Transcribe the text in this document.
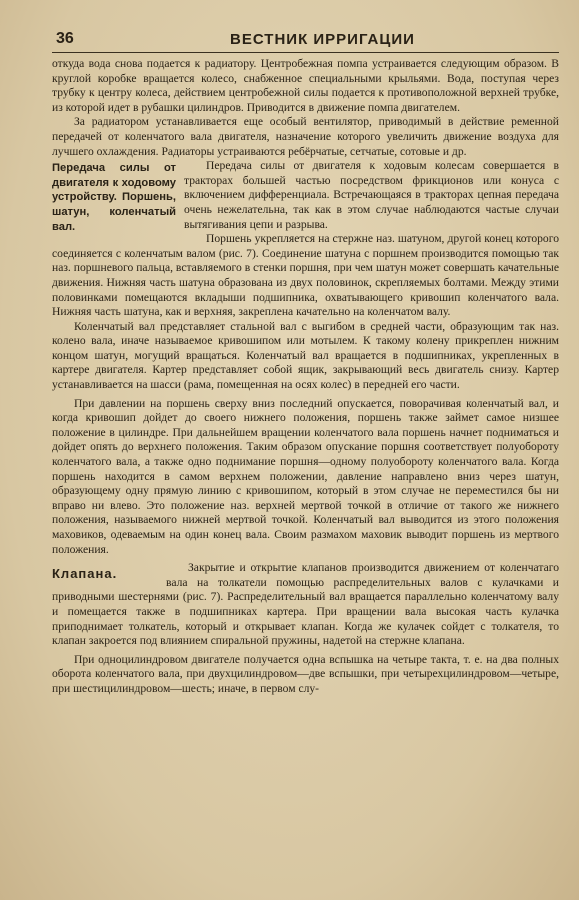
36	ВЕСТНИК ИРРИГАЦИИ

откуда вода снова подается к радиатору. Центробежная помпа устраивается следующим образом. В круглой коробке вращается колесо, снабженное специальными крыльями. Вода, поступая через трубку к центру колеса, действием центробежной силы подается к противоположной верхней трубке, из которой идет в рубашки цилиндров. Приводится в движение помпа двигателем.

За радиатором устанавливается еще особый вентилятор, приводимый в действие ременной передачей от коленчатого вала двигателя, назначение которого увеличить движение воздуха для лучшего охлаждения. Радиаторы устраиваются ребёрчатые, сетчатые, сотовые и др.

Передача силы от двигателя к ходовому устройству. Поршень, шатун, коленчатый вал.

Передача силы от двигателя к ходовым колесам совершается в тракторах большей частью посредством фрикционов или конуса с включением дифференциала. Встречающаяся в тракторах цепная передача очень нежелательна, так как в этом случае наблюдаются частые случаи вытягивания цепи и разрыва.

Поршень укрепляется на стержне наз. шатуном, другой конец которого соединяется с коленчатым валом (рис. 7). Соединение шатуна с поршнем производится помощью так наз. поршневого пальца, вставляемого в стенки поршня, при чем шатун может совершать качательные движения. Нижняя часть шатуна образована из двух половинок, скрепляемых болтами. Между этими половинками помещаются вкладыши подшипника, охватывающего кривошип коленчатого вала. Нижняя часть шатуна, как и верхняя, закреплена качательно на коленчатом валу.

Коленчатый вал представляет стальной вал с выгибом в средней части, образующим так наз. колено вала, иначе называемое кривошипом или мотылем. К такому колену прикреплен нижним концом шатун, могущий вращаться. Коленчатый вал вращается в подшипниках, укрепленных в картере двигателя. Картер представляет собой ящик, закрывающий весь двигатель снизу. Картер устанавливается на шасси (рама, помещенная на осях колес) в передней его части.

При давлении на поршень сверху вниз последний опускается, поворачивая коленчатый вал, и когда кривошип дойдет до своего нижнего положения, поршень также займет самое низшее положение в цилиндре. При дальнейшем вращении коленчатого вала поршень начнет подниматься и дойдет опять до верхнего положения. Таким образом опускание поршня соответствует полуобороту коленчатого вала, а также одно поднимание поршня—одному полуобороту коленчатого вала. Когда поршень находится в самом верхнем положении, давление направлено вниз через шатун, образующему одну прямую линию с кривошипом, который в этом случае не переместился бы ни вправо ни влево. Это положение наз. верхней мертвой точкой в отличие от такого же нижнего положения, называемого нижней мертвой точкой. Коленчатый вал выводится из этого положения маховиков, одеваемым на один конец вала. Своим размахом маховик выводит поршень из мертвого положения.

Клапана.	Закрытие и открытие клапанов производится движением от коленчатаго вала на толкатели помощью распределительных валов с кулачками и приводными шестернями (рис. 7). Распределительный вал вращается параллельно коленчатому валу и помещается также в подшипниках картера. При вращении вала высокая часть кулачка приподнимает толкатель, который и открывает клапан. Когда же кулачек сойдет с толкателя, то клапан закроется под влиянием спиральной пружины, надетой на стержне клапана.

При одноцилиндровом двигателе получается одна вспышка на четыре такта, т. е. на два полных оборота коленчатого вала, при двухцилиндровом—две вспышки, при четырехцилиндровом—четыре, при шестицилиндровом—шесть; иначе, в первом слу-
